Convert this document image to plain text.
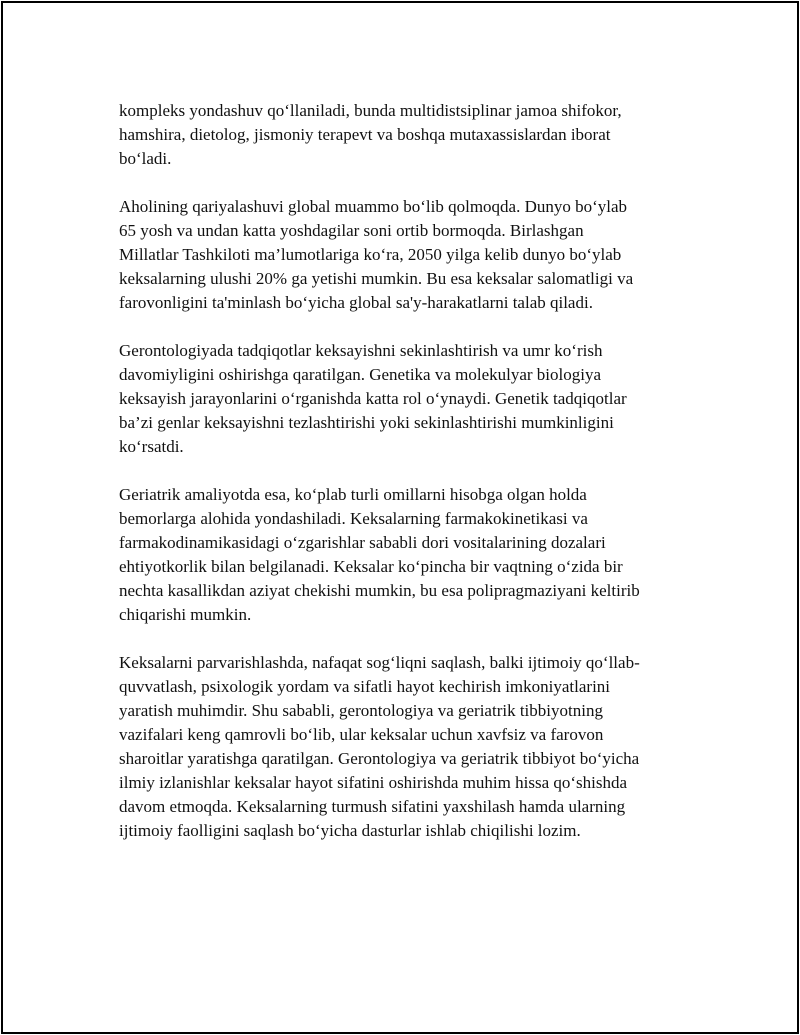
kompleks yondashuv qo‘llaniladi, bunda multidistsiplinar jamoa shifokor,
hamshira, dietolog, jismoniy terapevt va boshqa mutaxassislardan iborat
bo‘ladi.

Aholining qariyalashuvi global muammo bo‘lib qolmoqda. Dunyo bo‘ylab
65 yosh va undan katta yoshdagilar soni ortib bormoqda. Birlashgan
Millatlar Tashkiloti ma’lumotlariga ko‘ra, 2050 yilga kelib dunyo bo‘ylab
keksalarning ulushi 20% ga yetishi mumkin. Bu esa keksalar salomatligi va
farovonligini ta'minlash bo‘yicha global sa'y-harakatlarni talab qiladi.

Gerontologiyada tadqiqotlar keksayishni sekinlashtirish va umr ko‘rish
davomiyligini oshirishga qaratilgan. Genetika va molekulyar biologiya
keksayish jarayonlarini o‘rganishda katta rol o‘ynaydi. Genetik tadqiqotlar
ba’zi genlar keksayishni tezlashtirishi yoki sekinlashtirishi mumkinligini
ko‘rsatdi.

Geriatrik amaliyotda esa, ko‘plab turli omillarni hisobga olgan holda
bemorlarga alohida yondashiladi. Keksalarning farmakokinetikasi va
farmakodinamikasidagi o‘zgarishlar sababli dori vositalarining dozalari
ehtiyotkorlik bilan belgilanadi. Keksalar ko‘pincha bir vaqtning o‘zida bir
nechta kasallikdan aziyat chekishi mumkin, bu esa polipragmaziyani keltirib
chiqarishi mumkin.

Keksalarni parvarishlashda, nafaqat sog‘liqni saqlash, balki ijtimoiy qo‘llab-
quvvatlash, psixologik yordam va sifatli hayot kechirish imkoniyatlarini
yaratish muhimdir. Shu sababli, gerontologiya va geriatrik tibbiyotning
vazifalari keng qamrovli bo‘lib, ular keksalar uchun xavfsiz va farovon
sharoitlar yaratishga qaratilgan. Gerontologiya va geriatrik tibbiyot bo‘yicha
ilmiy izlanishlar keksalar hayot sifatini oshirishda muhim hissa qo‘shishda
davom etmoqda. Keksalarning turmush sifatini yaxshilash hamda ularning
ijtimoiy faolligini saqlash bo‘yicha dasturlar ishlab chiqilishi lozim.
